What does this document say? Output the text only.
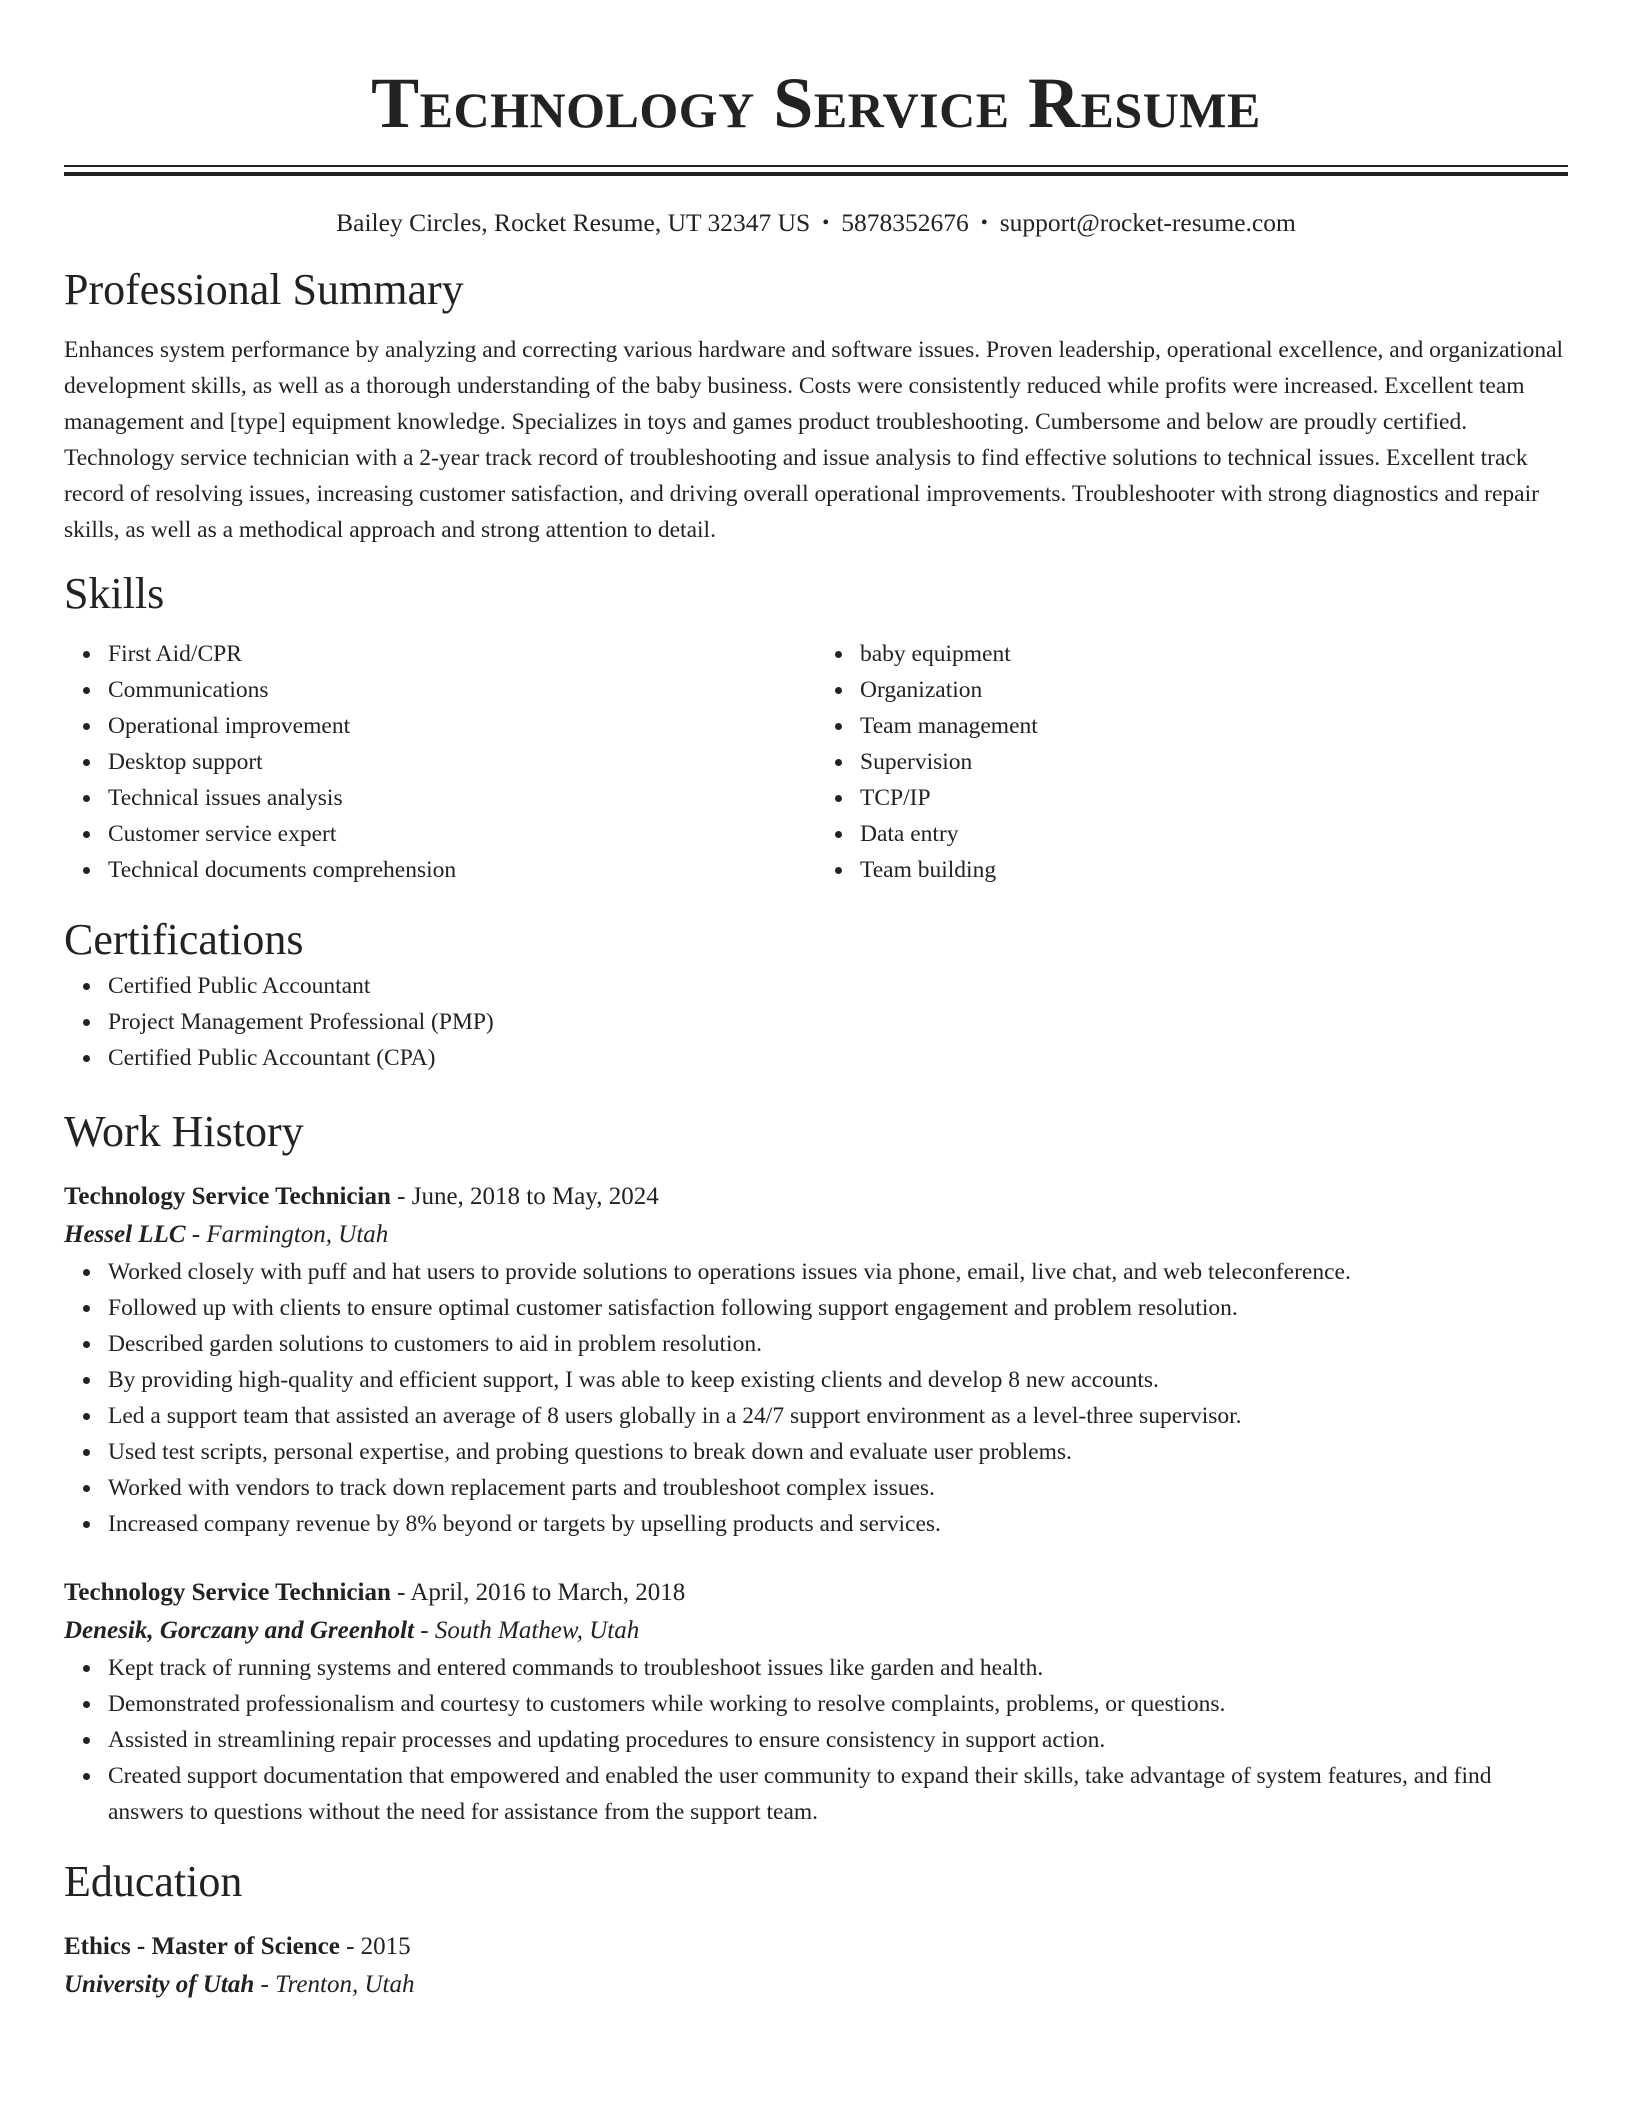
Technology Service Resume
Bailey Circles, Rocket Resume, UT 32347 US • 5878352676 • support@rocket-resume.com
Professional Summary

Enhances system performance by analyzing and correcting various hardware and software issues. Proven leadership, operational excellence, and organizational development skills, as well as a thorough understanding of the baby business. Costs were consistently reduced while profits were increased. Excellent team management and [type] equipment knowledge. Specializes in toys and games product troubleshooting. Cumbersome and below are proudly certified. Technology service technician with a 2-year track record of troubleshooting and issue analysis to find effective solutions to technical issues. Excellent track record of resolving issues, increasing customer satisfaction, and driving overall operational improvements. Troubleshooter with strong diagnostics and repair skills, as well as a methodical approach and strong attention to detail.

Skills
First Aid/CPR
Communications
Operational improvement
Desktop support
Technical issues analysis
Customer service expert
Technical documents comprehension
baby equipment
Organization
Team management
Supervision
TCP/IP
Data entry
Team building
Certifications
Certified Public Accountant
Project Management Professional (PMP)
Certified Public Accountant (CPA)
Work History
Technology Service Technician - June, 2018 to May, 2024
Hessel LLC - Farmington, Utah
Worked closely with puff and hat users to provide solutions to operations issues via phone, email, live chat, and web teleconference.
Followed up with clients to ensure optimal customer satisfaction following support engagement and problem resolution.
Described garden solutions to customers to aid in problem resolution.
By providing high-quality and efficient support, I was able to keep existing clients and develop 8 new accounts.
Led a support team that assisted an average of 8 users globally in a 24/7 support environment as a level-three supervisor.
Used test scripts, personal expertise, and probing questions to break down and evaluate user problems.
Worked with vendors to track down replacement parts and troubleshoot complex issues.
Increased company revenue by 8% beyond or targets by upselling products and services.
Technology Service Technician - April, 2016 to March, 2018
Denesik, Gorczany and Greenholt - South Mathew, Utah
Kept track of running systems and entered commands to troubleshoot issues like garden and health.
Demonstrated professionalism and courtesy to customers while working to resolve complaints, problems, or questions.
Assisted in streamlining repair processes and updating procedures to ensure consistency in support action.
Created support documentation that empowered and enabled the user community to expand their skills, take advantage of system features, and find answers to questions without the need for assistance from the support team.
Education
Ethics - Master of Science - 2015
University of Utah - Trenton, Utah
